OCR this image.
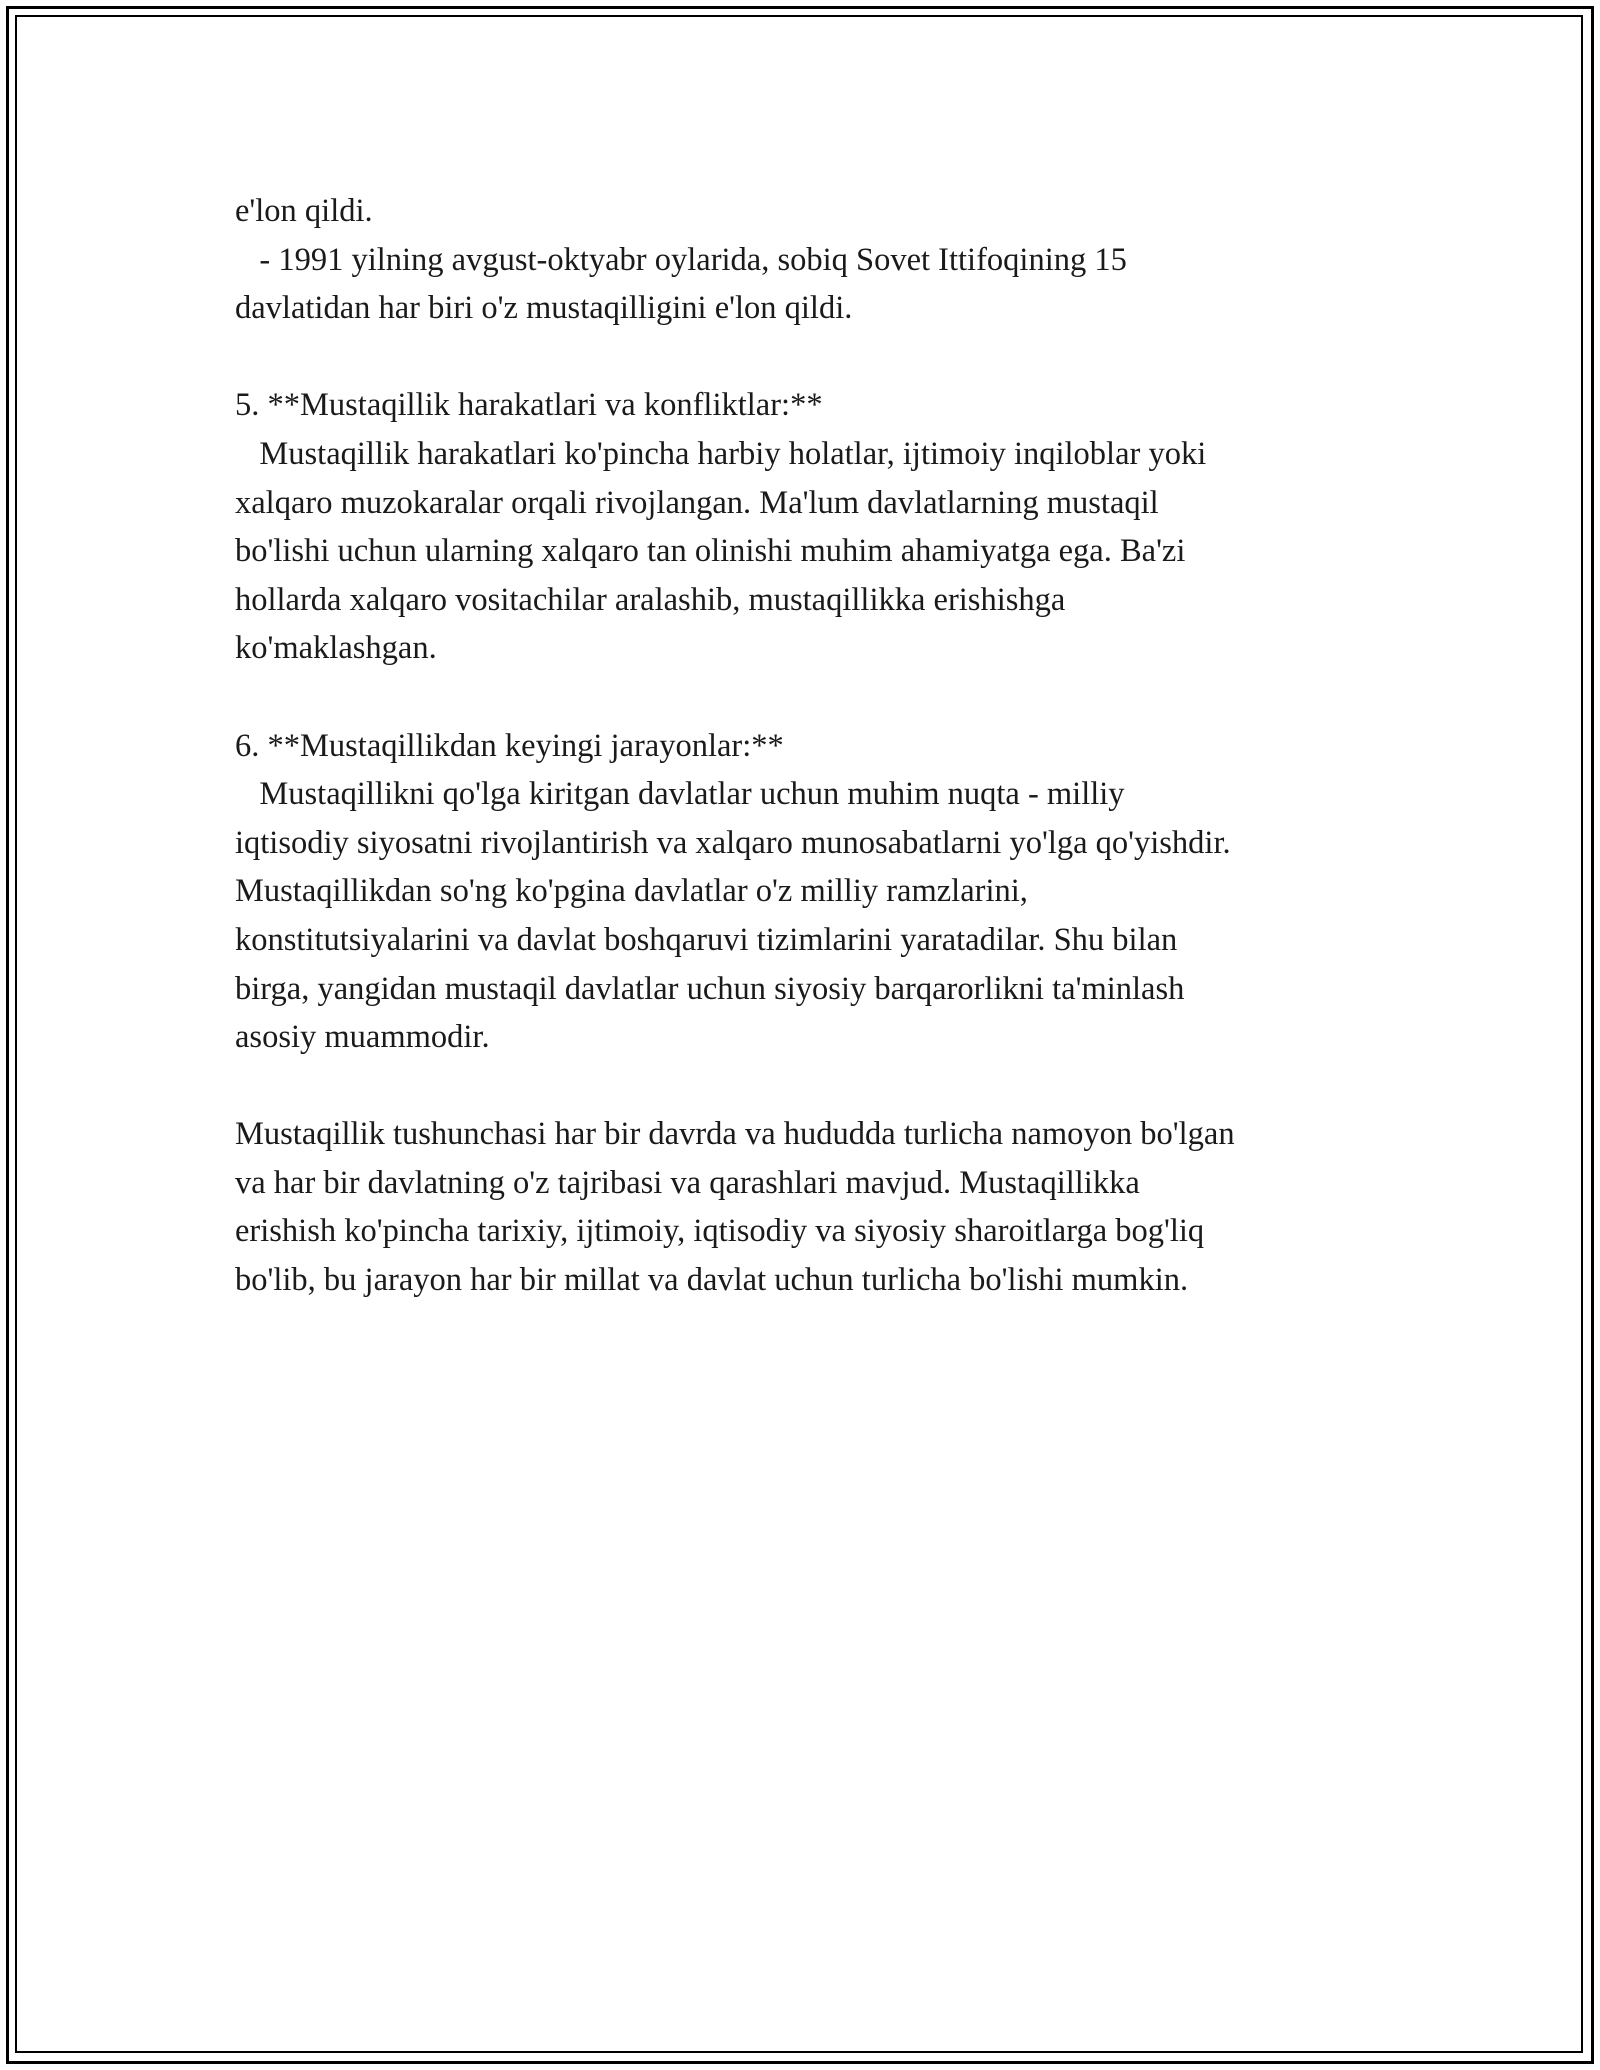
e'lon qildi.
- 1991 yilning avgust-oktyabr oylarida, sobiq Sovet Ittifoqining 15
davlatidan har biri o'z mustaqilligini e'lon qildi.
5. **Mustaqillik harakatlari va konfliktlar:**
Mustaqillik harakatlari ko'pincha harbiy holatlar, ijtimoiy inqiloblar yoki
xalqaro muzokaralar orqali rivojlangan. Ma'lum davlatlarning mustaqil
bo'lishi uchun ularning xalqaro tan olinishi muhim ahamiyatga ega. Ba'zi
hollarda xalqaro vositachilar aralashib, mustaqillikka erishishga
ko'maklashgan.
6. **Mustaqillikdan keyingi jarayonlar:**
Mustaqillikni qo'lga kiritgan davlatlar uchun muhim nuqta - milliy
iqtisodiy siyosatni rivojlantirish va xalqaro munosabatlarni yo'lga qo'yishdir.
Mustaqillikdan so'ng ko'pgina davlatlar o'z milliy ramzlarini,
konstitutsiyalarini va davlat boshqaruvi tizimlarini yaratadilar. Shu bilan
birga, yangidan mustaqil davlatlar uchun siyosiy barqarorlikni ta'minlash
asosiy muammodir.
Mustaqillik tushunchasi har bir davrda va hududda turlicha namoyon bo'lgan
va har bir davlatning o'z tajribasi va qarashlari mavjud. Mustaqillikka
erishish ko'pincha tarixiy, ijtimoiy, iqtisodiy va siyosiy sharoitlarga bog'liq
bo'lib, bu jarayon har bir millat va davlat uchun turlicha bo'lishi mumkin.
